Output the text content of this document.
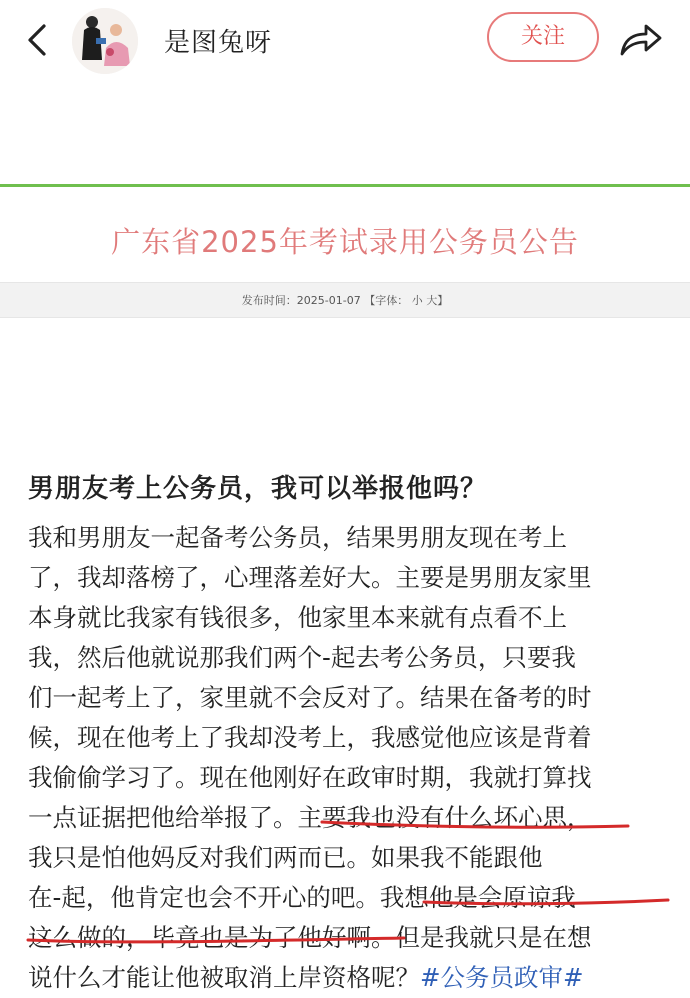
是图兔呀	关注
广东省2025年考试录用公务员公告
发布时间：2025-01-07 【字体： 小 大】
男朋友考上公务员，我可以举报他吗？
我和男朋友一起备考公务员，结果男朋友现在考上
了，我却落榜了，心理落差好大。主要是男朋友家里
本身就比我家有钱很多，他家里本来就有点看不上
我，然后他就说那我们两个-起去考公务员，只要我
们一起考上了，家里就不会反对了。结果在备考的时
候，现在他考上了我却没考上，我感觉他应该是背着
我偷偷学习了。现在他刚好在政审时期，我就打算找
一点证据把他给举报了。主要我也没有什么坏心思，
我只是怕他妈反对我们两而已。如果我不能跟他
在-起，他肯定也会不开心的吧。我想他是会原谅我
这么做的，毕竟也是为了他好啊。但是我就只是在想
说什么才能让他被取消上岸资格呢？#公务员政审#
